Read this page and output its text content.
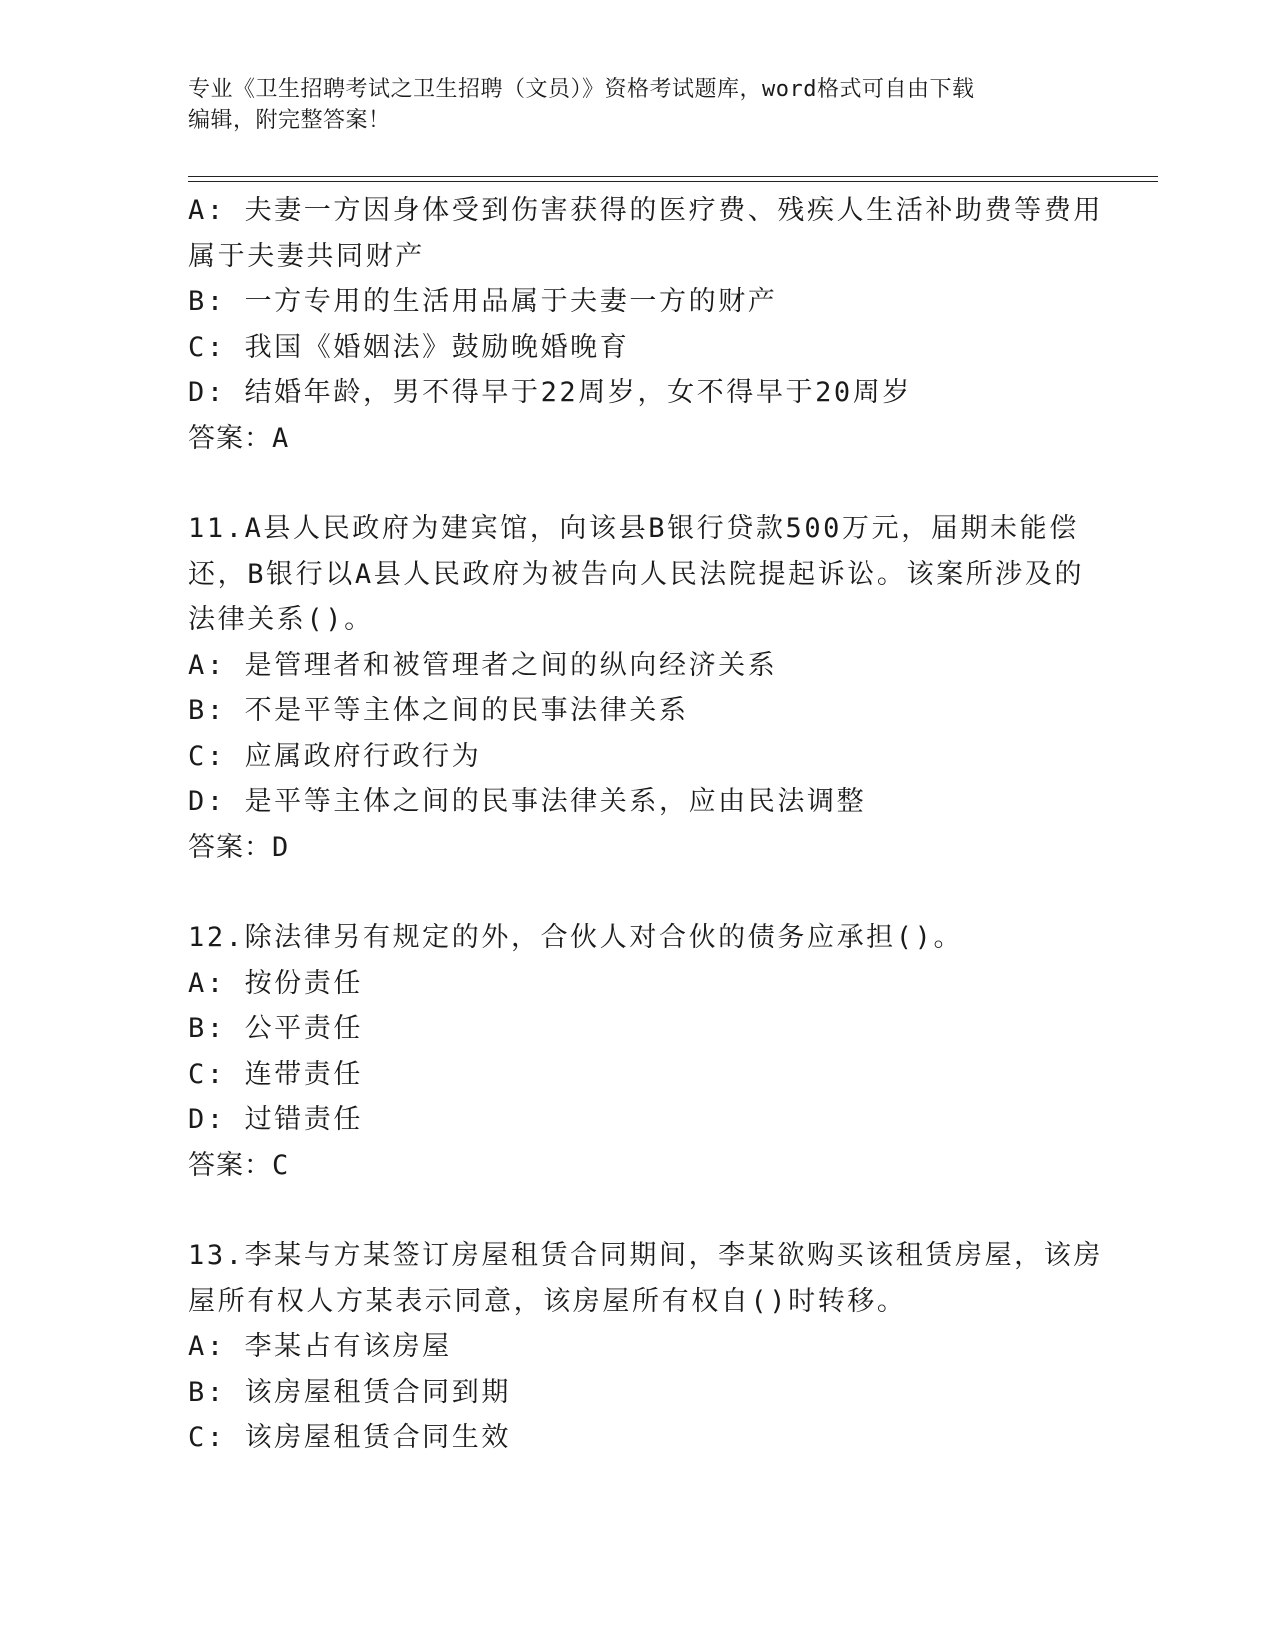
专业《卫生招聘考试之卫生招聘（文员）》资格考试题库，word格式可自由下载
编辑，附完整答案！
A: 夫妻一方因身体受到伤害获得的医疗费、残疾人生活补助费等费用
属于夫妻共同财产
B: 一方专用的生活用品属于夫妻一方的财产
C: 我国《婚姻法》鼓励晚婚晚育
D: 结婚年龄，男不得早于22周岁，女不得早于20周岁
答案：A
11.A县人民政府为建宾馆，向该县B银行贷款500万元，届期未能偿
还，B银行以A县人民政府为被告向人民法院提起诉讼。该案所涉及的
法律关系()。
A: 是管理者和被管理者之间的纵向经济关系
B: 不是平等主体之间的民事法律关系
C: 应属政府行政行为
D: 是平等主体之间的民事法律关系，应由民法调整
答案：D
12.除法律另有规定的外，合伙人对合伙的债务应承担()。
A: 按份责任
B: 公平责任
C: 连带责任
D: 过错责任
答案：C
13.李某与方某签订房屋租赁合同期间，李某欲购买该租赁房屋，该房
屋所有权人方某表示同意，该房屋所有权自()时转移。
A: 李某占有该房屋
B: 该房屋租赁合同到期
C: 该房屋租赁合同生效
